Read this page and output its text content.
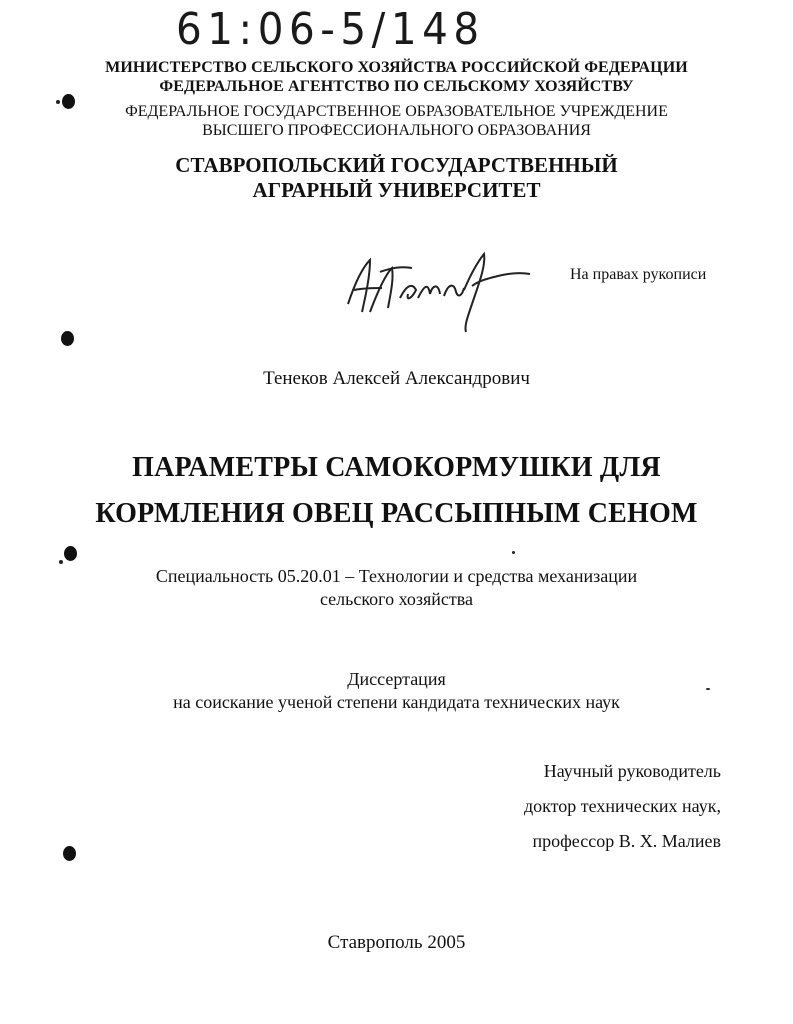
61:06-5/148
МИНИСТЕРСТВО СЕЛЬСКОГО ХОЗЯЙСТВА РОССИЙСКОЙ ФЕДЕРАЦИИ
ФЕДЕРАЛЬНОЕ АГЕНТСТВО ПО СЕЛЬСКОМУ ХОЗЯЙСТВУ
ФЕДЕРАЛЬНОЕ ГОСУДАРСТВЕННОЕ ОБРАЗОВАТЕЛЬНОЕ УЧРЕЖДЕНИЕ
ВЫСШЕГО ПРОФЕССИОНАЛЬНОГО ОБРАЗОВАНИЯ
СТАВРОПОЛЬСКИЙ ГОСУДАРСТВЕННЫЙ
АГРАРНЫЙ УНИВЕРСИТЕТ
На правах рукописи
Тенеков Алексей Александрович
ПАРАМЕТРЫ САМОКОРМУШКИ ДЛЯ
КОРМЛЕНИЯ ОВЕЦ РАССЫПНЫМ СЕНОМ
Специальность 05.20.01 – Технологии и средства механизации
сельского хозяйства
Диссертация
на соискание ученой степени кандидата технических наук
Научный руководитель
доктор технических наук,
профессор В. Х. Малиев
Ставрополь 2005
